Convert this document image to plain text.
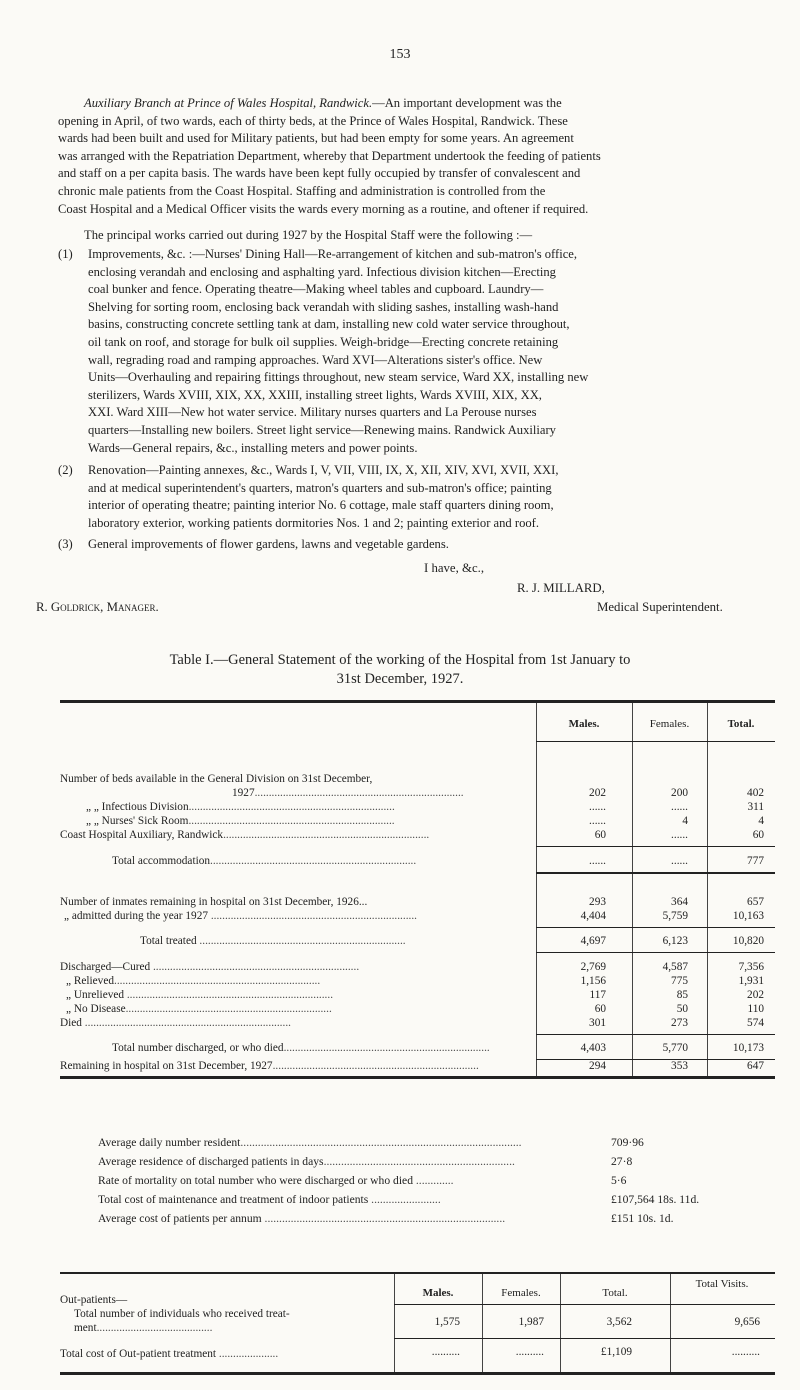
153
Auxiliary Branch at Prince of Wales Hospital, Randwick.—An important development was the
opening in April, of two wards, each of thirty beds, at the Prince of Wales Hospital, Randwick. These
wards had been built and used for Military patients, but had been empty for some years. An agreement
was arranged with the Repatriation Department, whereby that Department undertook the feeding of patients
and staff on a per capita basis. The wards have been kept fully occupied by transfer of convalescent and
chronic male patients from the Coast Hospital. Staffing and administration is controlled from the
Coast Hospital and a Medical Officer visits the wards every morning as a routine, and oftener if required.
The principal works carried out during 1927 by the Hospital Staff were the following :—
(1) Improvements, &c. :—Nurses' Dining Hall—Re-arrangement of kitchen and sub-matron's office,
enclosing verandah and enclosing and asphalting yard. Infectious division kitchen—Erecting
coal bunker and fence. Operating theatre—Making wheel tables and cupboard. Laundry—
Shelving for sorting room, enclosing back verandah with sliding sashes, installing wash-hand
basins, constructing concrete settling tank at dam, installing new cold water service throughout,
oil tank on roof, and storage for bulk oil supplies. Weigh-bridge—Erecting concrete retaining
wall, regrading road and ramping approaches. Ward XVI—Alterations sister's office. New
Units—Overhauling and repairing fittings throughout, new steam service, Ward XX, installing new
sterilizers, Wards XVIII, XIX, XX, XXIII, installing street lights, Wards XVIII, XIX, XX,
XXI. Ward XIII—New hot water service. Military nurses quarters and La Perouse nurses
quarters—Installing new boilers. Street light service—Renewing mains. Randwick Auxiliary
Wards—General repairs, &c., installing meters and power points.
(2) Renovation—Painting annexes, &c., Wards I, V, VII, VIII, IX, X, XII, XIV, XVI, XVII, XXI,
and at medical superintendent's quarters, matron's quarters and sub-matron's office; painting
interior of operating theatre; painting interior No. 6 cottage, male staff quarters dining room,
laboratory exterior, working patients dormitories Nos. 1 and 2; painting exterior and roof.
(3) General improvements of flower gardens, lawns and vegetable gardens.
I have, &c.,
R. J. MILLARD,
Medical Superintendent.
R. Goldrick, Manager.
Table I.—General Statement of the working of the Hospital from 1st January to
31st December, 1927.
Males.	Females.	Total.
Number of beds available in the General Division on 31st December,
1927..........................................................................	202	200	402
„ „ Infectious Division.........................................................................	......	......	311
„ „ Nurses' Sick Room.........................................................................	......	4	4
Coast Hospital Auxiliary, Randwick.........................................................................	60	......	60
Total accommodation.........................................................................	......	......	777
Number of inmates remaining in hospital on 31st December, 1926...	293	364	657
„ admitted during the year 1927 .........................................................................	4,404	5,759	10,163
Total treated .........................................................................	4,697	6,123	10,820
Discharged—Cured .........................................................................	2,769	4,587	7,356
„ Relieved.........................................................................	1,156	775	1,931
„ Unrelieved .........................................................................	117	85	202
„ No Disease.........................................................................	60	50	110
Died .........................................................................	301	273	574
Total number discharged, or who died.........................................................................	4,403	5,770	10,173
Remaining in hospital on 31st December, 1927.........................................................................	294	353	647
Average daily number resident.................................................................................................	709·96
Average residence of discharged patients in days..................................................................	27·8
Rate of mortality on total number who were discharged or who died .............	5·6
Total cost of maintenance and treatment of indoor patients ........................	£107,564 18s. 11d.
Average cost of patients per annum ...................................................................................	£151 10s. 1d.
Males.	Females.	Total.
Total Visits.
Out-patients—
Total number of individuals who received treat-
ment.........................................	1,575	1,987	3,562	9,656
Total cost of Out-patient treatment .....................	..........	..........	£1,109	..........
